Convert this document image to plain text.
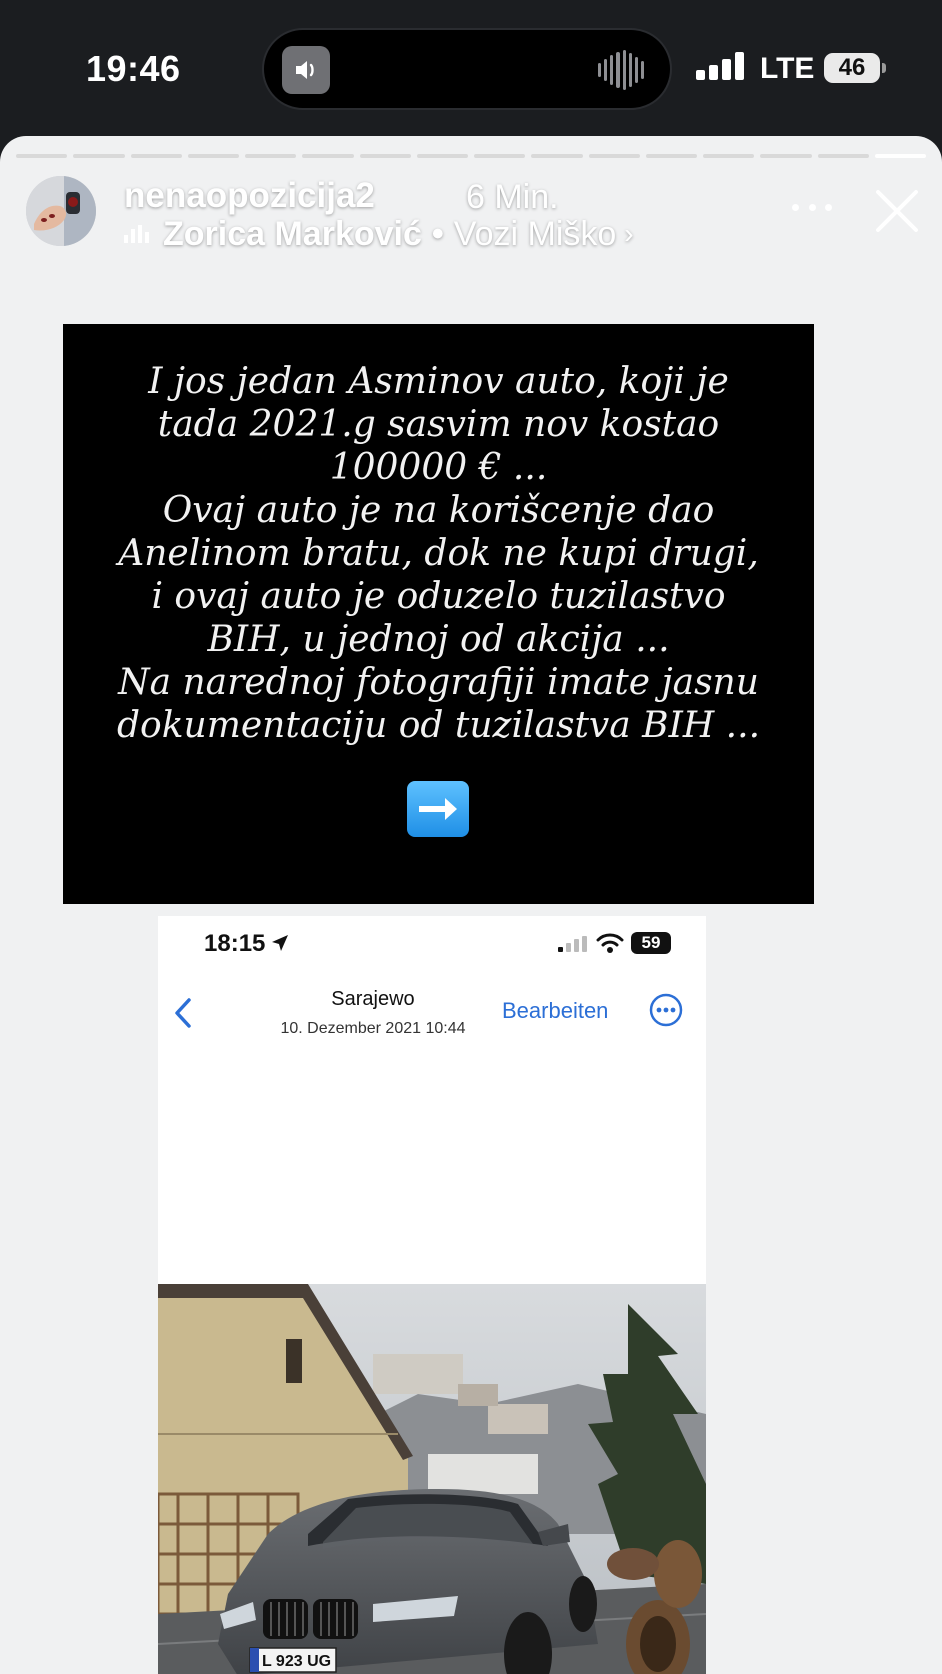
19:46	LTE	46
nenaopozicija2	6 Min.
Zorica Marković • Vozi Miško ›
I jos jedan Asminov auto, koji je
tada 2021.g sasvim nov kostao
100000 € ...
Ovaj auto je na korišcenje dao
Anelinom bratu, dok ne kupi drugi,
i ovaj auto je oduzelo tuzilastvo
BIH, u jednoj od akcija ...
Na narednoj fotografiji imate jasnu
dokumentaciju od tuzilastva BIH ...
18:15	59
Sarajewo
10. Dezember 2021 10:44
Bearbeiten
L 923 UG
